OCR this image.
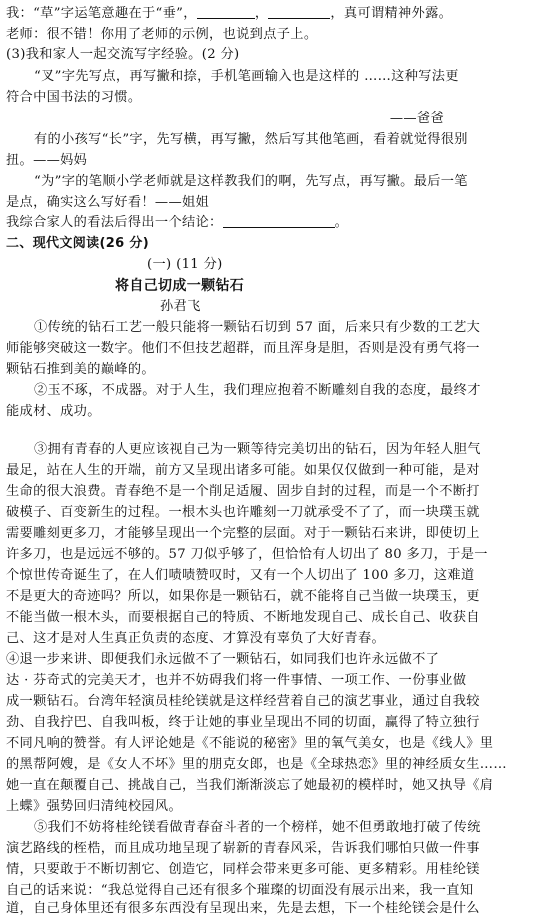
我：“草”字运笔意趣在于“垂”，	，	，真可谓精神外露。
老师：很不错！你用了老师的示例，也说到点子上。
(3)我和家人一起交流写字经验。(2 分)
“叉”字先写点，再写撇和捺，手机笔画输入也是这样的 ……这种写法更
符合中国书法的习惯。
——爸爸
有的小孩写“长”字，先写横，再写撇，然后写其他笔画，看着就觉得很别
扭。——妈妈
“为”字的笔顺小学老师就是这样教我们的啊，先写点，再写撇。最后一笔
是点，确实这么写好看！——姐姐
我综合家人的看法后得出一个结论：	。
二、现代文阅读(26 分)
(一) (11 分)
将自己切成一颗钻石
孙君飞
①传统的钻石工艺一般只能将一颗钻石切到 57 面，后来只有少数的工艺大
师能够突破这一数字。他们不但技艺超群，而且浑身是胆，否则是没有勇气将一
颗钻石推到美的巅峰的。
②玉不琢，不成器。对于人生，我们理应抱着不断雕刻自我的态度，最终才
能成材、成功。
③拥有青春的人更应该视自己为一颗等待完美切出的钻石，因为年轻人胆气
最足，站在人生的开端，前方又呈现出诸多可能。如果仅仅做到一种可能，是对
生命的很大浪费。青春绝不是一个削足适履、固步自封的过程，而是一个不断打
破模子、百变新生的过程。一根木头也许雕刻一刀就承受不了了，而一块璞玉就
需要雕刻更多刀，才能够呈现出一个完整的层面。对于一颗钻石来讲，即使切上
许多刀，也是远远不够的。57 刀似乎够了，但恰恰有人切出了 80 多刀，于是一
个惊世传奇诞生了，在人们啧啧赞叹时，又有一个人切出了 100 多刀，这难道
不是更大的奇迹吗？所以，如果你是一颗钻石，就不能将自己当做一块璞玉，更
不能当做一根木头，而要根据自己的特质、不断地发现自己、成长自己、收获自
己、这才是对人生真正负责的态度、才算没有辜负了大好青春。
④退一步来讲、即便我们永远做不了一颗钻石，如同我们也许永远做不了
达 · 芬奇式的完美天才，也并不妨碍我们将一件事情、一项工作、一份事业做
成一颗钻石。台湾年轻演员桂纶镁就是这样经营着自己的演艺事业，通过自我较
劲、自我拧巴、自我叫板，终于让她的事业呈现出不同的切面，赢得了特立独行
不同凡响的赞誉。有人评论她是《不能说的秘密》里的氧气美女，也是《线人》里
的黑帮阿嫂，是《女人不坏》里的朋克女郎，也是《全球热恋》里的神经质女生……
她一直在颠覆自己、挑战自己，当我们渐渐淡忘了她最初的模样时，她又执导《肩
上蝶》强势回归清纯校园风。
⑤我们不妨将桂纶镁看做青春奋斗者的一个榜样，她不但勇敢地打破了传统
演艺路线的桎梏，而且成功地呈现了崭新的青春风采，告诉我们哪怕只做一件事
情，只要敢于不断切割它、创造它，同样会带来更多可能、更多精彩。用桂纶镁
自己的话来说：“我总觉得自己还有很多个璀璨的切面没有展示出来，我一直知
道，自己身体里还有很多东西没有呈现出来，先是去想，下一个桂纶镁会是什么
